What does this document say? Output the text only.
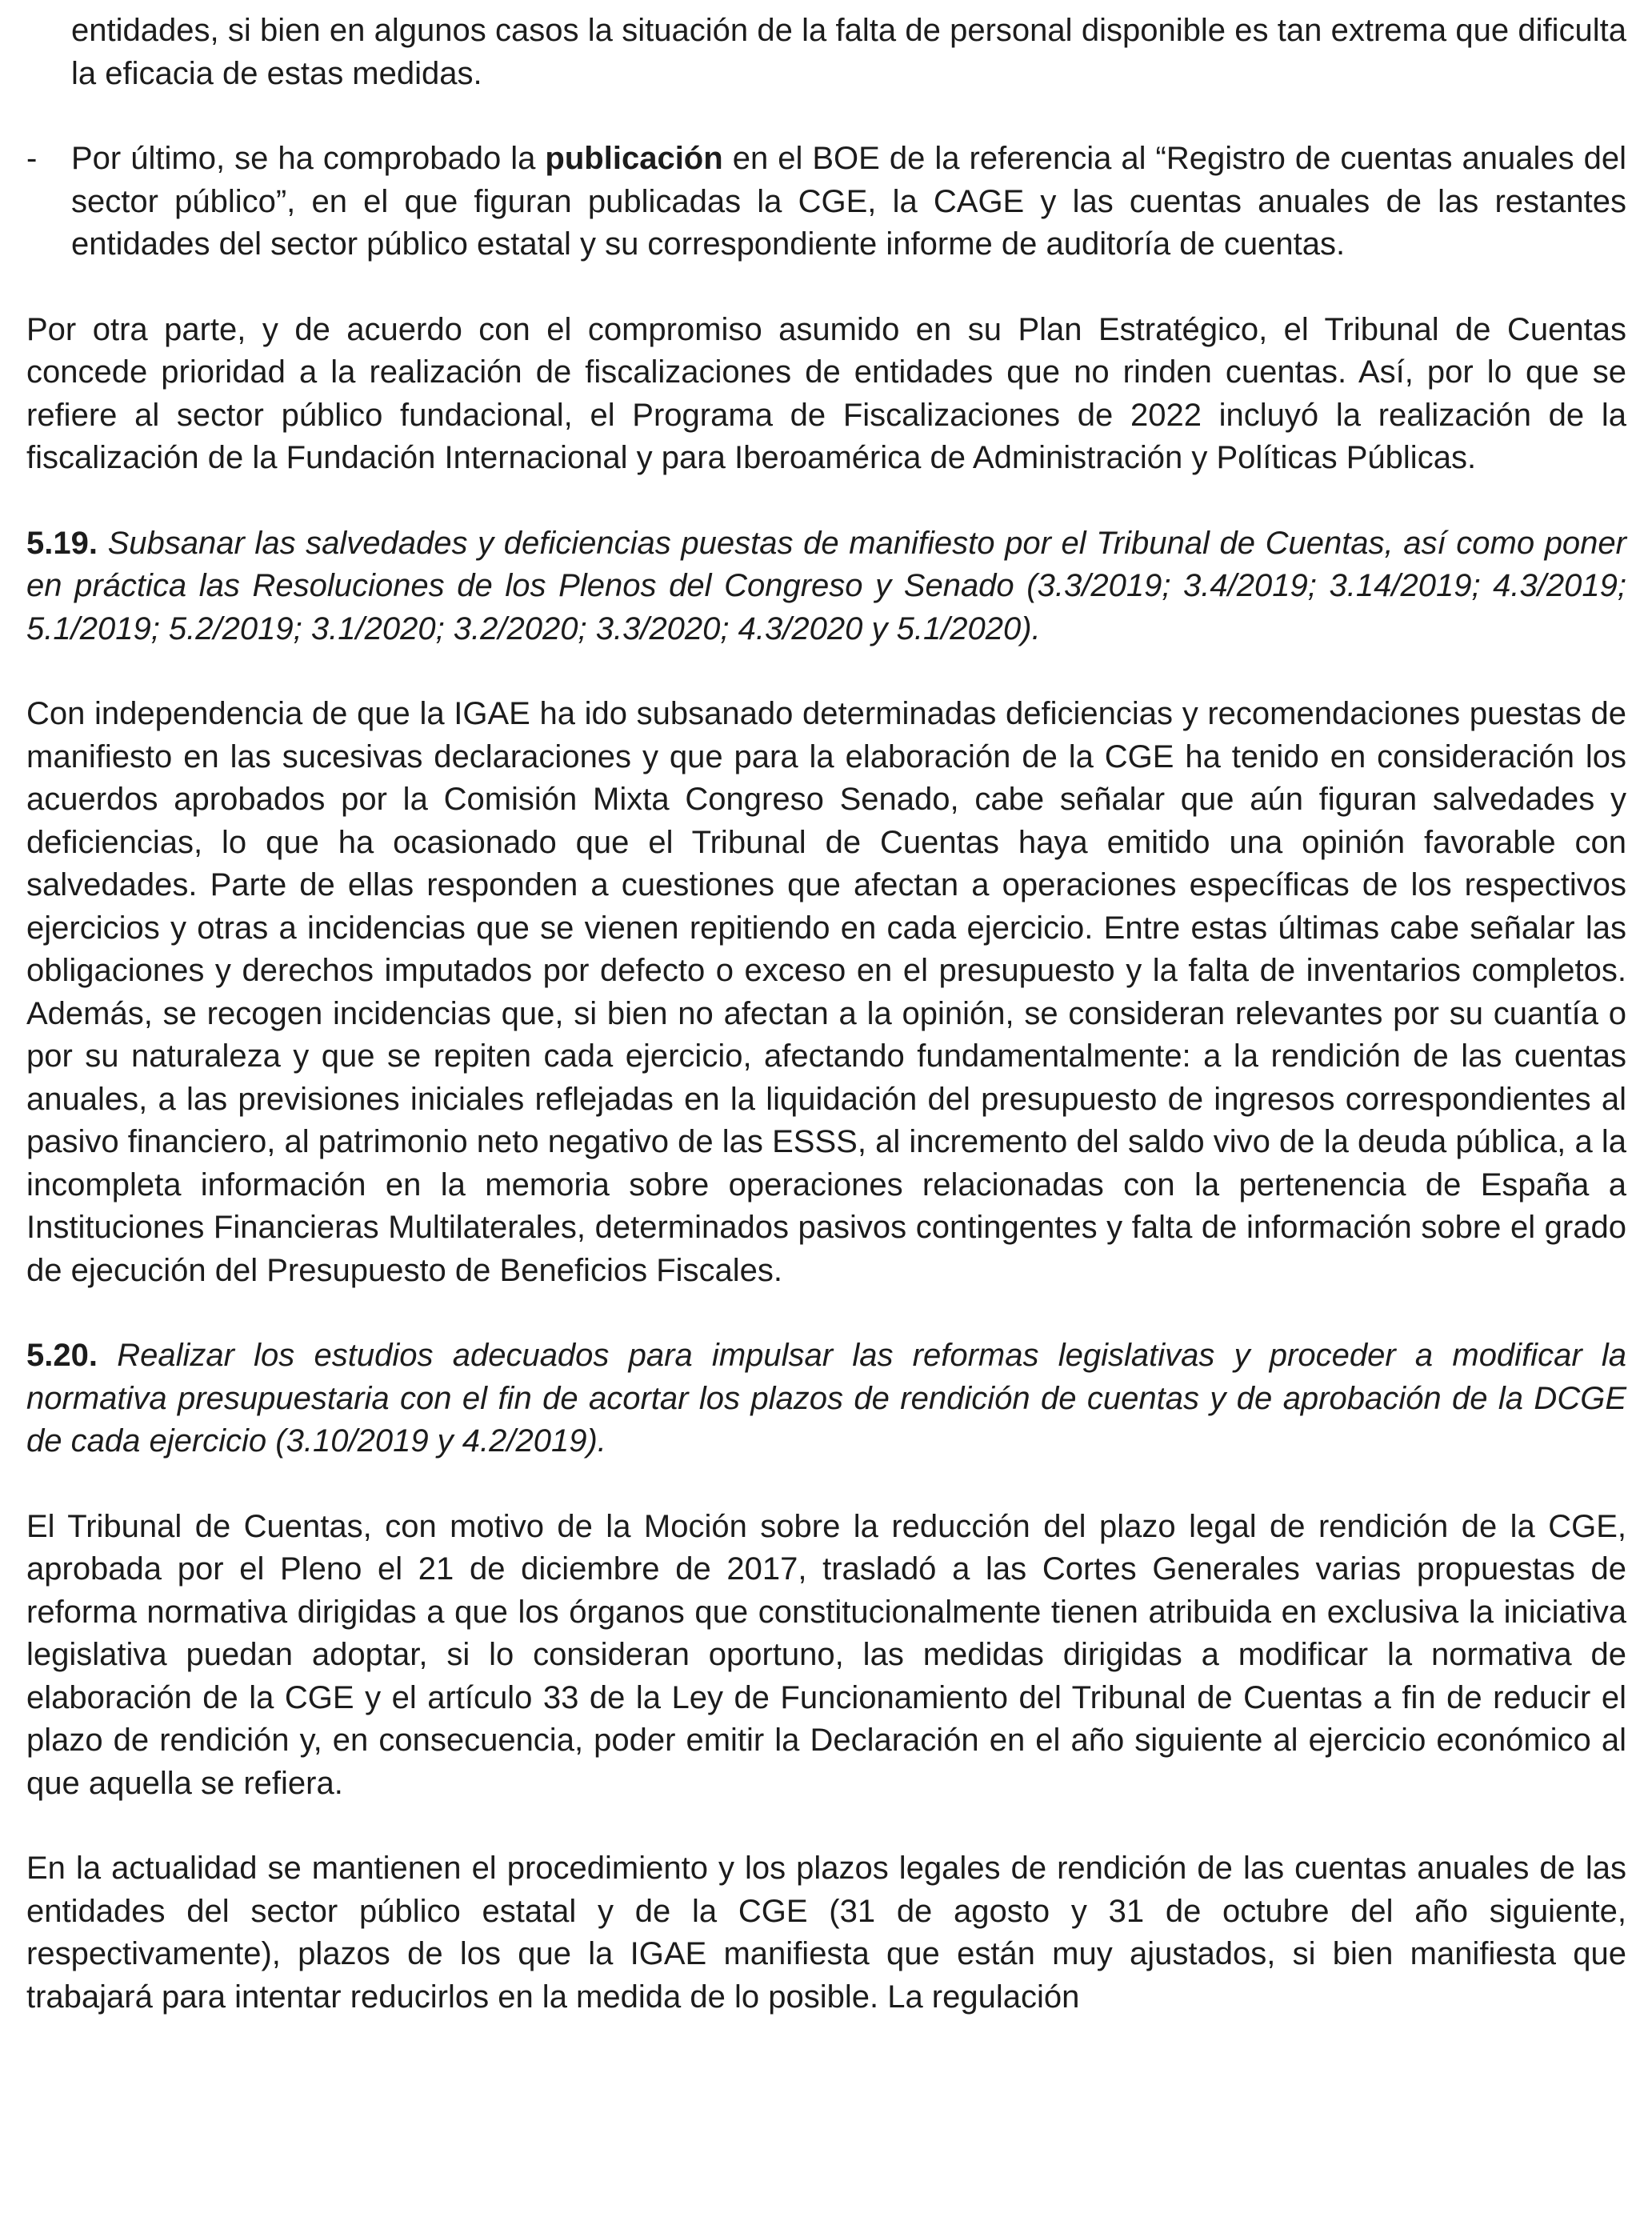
entidades, si bien en algunos casos la situación de la falta de personal disponible es tan extrema que dificulta la eficacia de estas medidas.

- Por último, se ha comprobado la publicación en el BOE de la referencia al “Registro de cuentas anuales del sector público”, en el que figuran publicadas la CGE, la CAGE y las cuentas anuales de las restantes entidades del sector público estatal y su correspondiente informe de auditoría de cuentas.

Por otra parte, y de acuerdo con el compromiso asumido en su Plan Estratégico, el Tribunal de Cuentas concede prioridad a la realización de fiscalizaciones de entidades que no rinden cuentas. Así, por lo que se refiere al sector público fundacional, el Programa de Fiscalizaciones de 2022 incluyó la realización de la fiscalización de la Fundación Internacional y para Iberoamérica de Administración y Políticas Públicas.

5.19. Subsanar las salvedades y deficiencias puestas de manifiesto por el Tribunal de Cuentas, así como poner en práctica las Resoluciones de los Plenos del Congreso y Senado (3.3/2019; 3.4/2019; 3.14/2019; 4.3/2019; 5.1/2019; 5.2/2019; 3.1/2020; 3.2/2020; 3.3/2020; 4.3/2020 y 5.1/2020).

Con independencia de que la IGAE ha ido subsanado determinadas deficiencias y recomendaciones puestas de manifiesto en las sucesivas declaraciones y que para la elaboración de la CGE ha tenido en consideración los acuerdos aprobados por la Comisión Mixta Congreso Senado, cabe señalar que aún figuran salvedades y deficiencias, lo que ha ocasionado que el Tribunal de Cuentas haya emitido una opinión favorable con salvedades. Parte de ellas responden a cuestiones que afectan a operaciones específicas de los respectivos ejercicios y otras a incidencias que se vienen repitiendo en cada ejercicio. Entre estas últimas cabe señalar las obligaciones y derechos imputados por defecto o exceso en el presupuesto y la falta de inventarios completos. Además, se recogen incidencias que, si bien no afectan a la opinión, se consideran relevantes por su cuantía o por su naturaleza y que se repiten cada ejercicio, afectando fundamentalmente: a la rendición de las cuentas anuales, a las previsiones iniciales reflejadas en la liquidación del presupuesto de ingresos correspondientes al pasivo financiero, al patrimonio neto negativo de las ESSS, al incremento del saldo vivo de la deuda pública, a la incompleta información en la memoria sobre operaciones relacionadas con la pertenencia de España a Instituciones Financieras Multilaterales, determinados pasivos contingentes y falta de información sobre el grado de ejecución del Presupuesto de Beneficios Fiscales.

5.20. Realizar los estudios adecuados para impulsar las reformas legislativas y proceder a modificar la normativa presupuestaria con el fin de acortar los plazos de rendición de cuentas y de aprobación de la DCGE de cada ejercicio (3.10/2019 y 4.2/2019).

El Tribunal de Cuentas, con motivo de la Moción sobre la reducción del plazo legal de rendición de la CGE, aprobada por el Pleno el 21 de diciembre de 2017, trasladó a las Cortes Generales varias propuestas de reforma normativa dirigidas a que los órganos que constitucionalmente tienen atribuida en exclusiva la iniciativa legislativa puedan adoptar, si lo consideran oportuno, las medidas dirigidas a modificar la normativa de elaboración de la CGE y el artículo 33 de la Ley de Funcionamiento del Tribunal de Cuentas a fin de reducir el plazo de rendición y, en consecuencia, poder emitir la Declaración en el año siguiente al ejercicio económico al que aquella se refiera.

En la actualidad se mantienen el procedimiento y los plazos legales de rendición de las cuentas anuales de las entidades del sector público estatal y de la CGE (31 de agosto y 31 de octubre del año siguiente, respectivamente), plazos de los que la IGAE manifiesta que están muy ajustados, si bien manifiesta que trabajará para intentar reducirlos en la medida de lo posible. La regulación
